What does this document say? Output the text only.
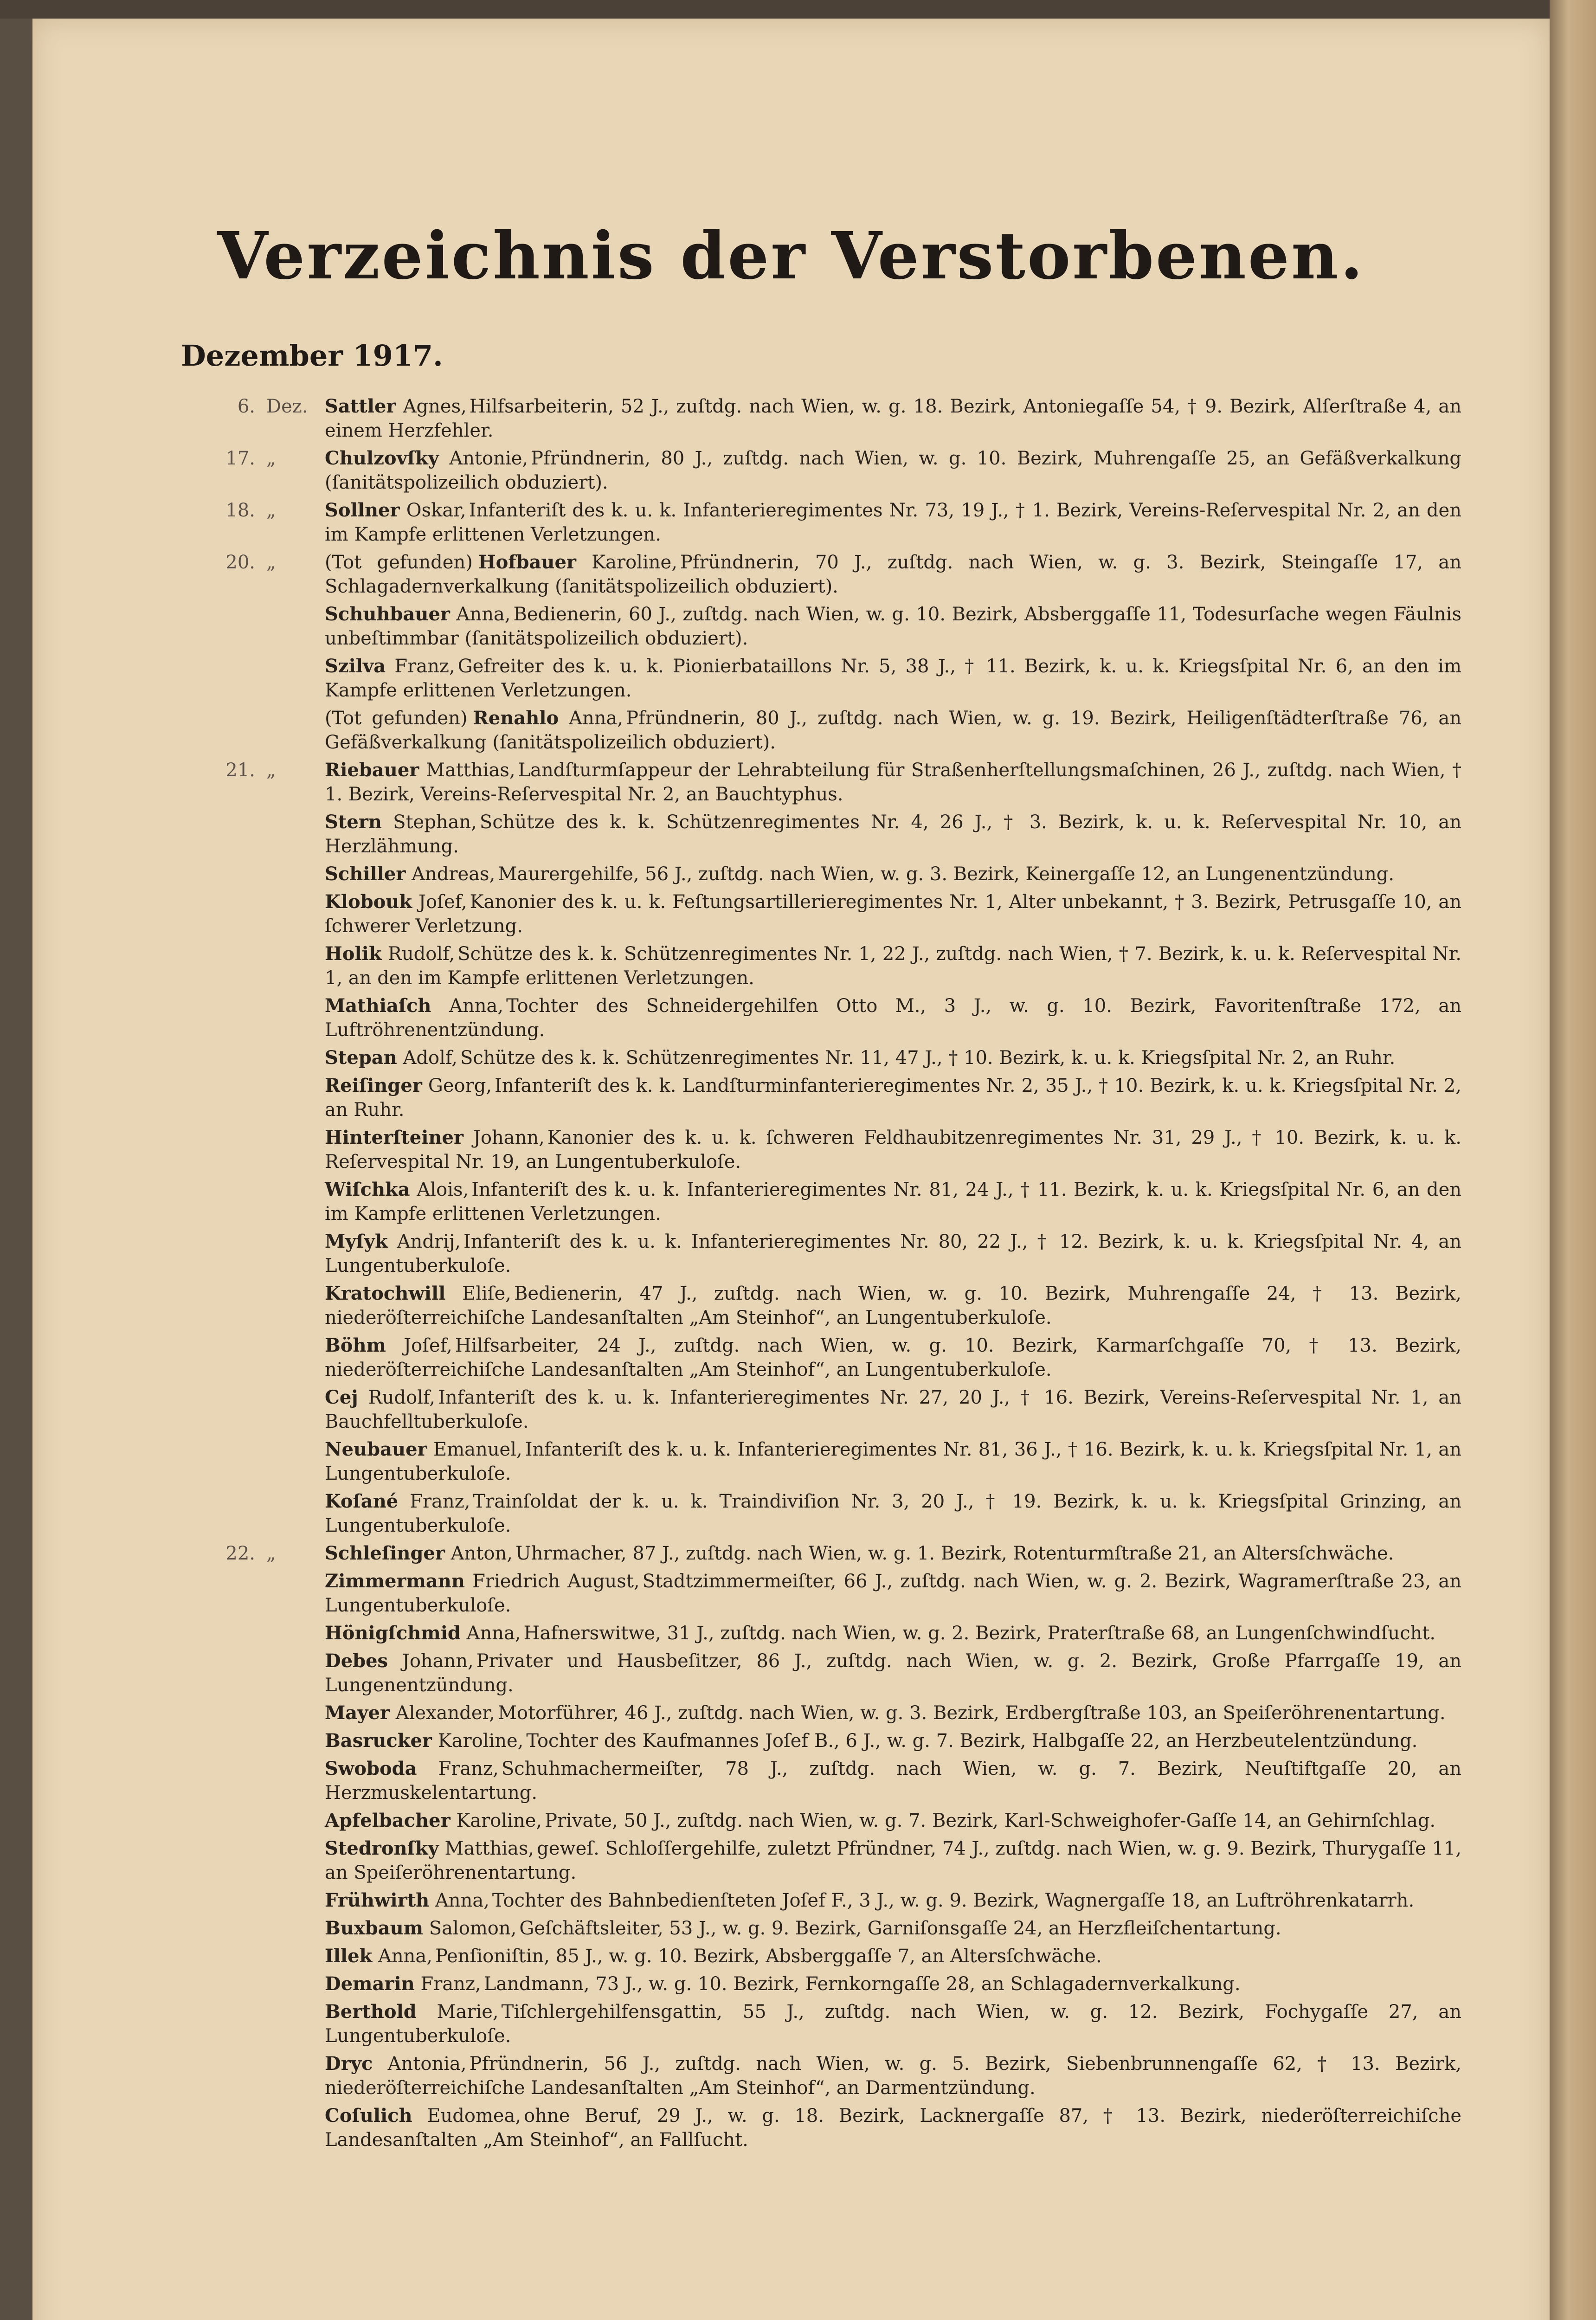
Verzeichnis der Verstorbenen.
Dezember 1917.
6. Dez. Sattler Agnes, Hilfsarbeiterin, 52 J., zuſtdg. nach Wien, w. g. 18. Bezirk, Antoniegaſſe 54, † 9. Bezirk, Alſerſtraße 4, an einem Herzfehler.
17. „	Chulzovſky Antonie, Pfründnerin, 80 J., zuſtdg. nach Wien, w. g. 10. Bezirk, Muhrengaſſe 25, an Gefäßverkalkung (ſanitätspolizeilich obduziert).
18. „	Sollner Oskar, Infanteriſt des k. u. k. Infanterieregimentes Nr. 73, 19 J., † 1. Bezirk, Vereins-Reſervespital Nr. 2, an den im Kampfe erlittenen Verletzungen.
20. „	(Tot gefunden) Hofbauer Karoline, Pfründnerin, 70 J., zuſtdg. nach Wien, w. g. 3. Bezirk, Steingaſſe 17, an Schlagadernverkalkung (ſanitätspolizeilich obduziert).
Schuhbauer Anna, Bedienerin, 60 J., zuſtdg. nach Wien, w. g. 10. Bezirk, Absberggaſſe 11, Todesurſache wegen Fäulnis unbeſtimmbar (ſanitätspolizeilich obduziert).
Szilva Franz, Gefreiter des k. u. k. Pionierbataillons Nr. 5, 38 J., † 11. Bezirk, k. u. k. Kriegsſpital Nr. 6, an den im Kampfe erlittenen Verletzungen.
(Tot gefunden) Renahlo Anna, Pfründnerin, 80 J., zuſtdg. nach Wien, w. g. 19. Bezirk, Heiligenſtädterſtraße 76, an Gefäßverkalkung (ſanitätspolizeilich obduziert).
21. „	Riebauer Matthias, Landſturmſappeur der Lehrabteilung für Straßenherſtellungsmaſchinen, 26 J., zuſtdg. nach Wien, † 1. Bezirk, Vereins-Reſervespital Nr. 2, an Bauchtyphus.
Stern Stephan, Schütze des k. k. Schützenregimentes Nr. 4, 26 J., † 3. Bezirk, k. u. k. Reſervespital Nr. 10, an Herzlähmung.
Schiller Andreas, Maurergehilfe, 56 J., zuſtdg. nach Wien, w. g. 3. Bezirk, Keinergaſſe 12, an Lungenentzündung.
Klobouk Joſef, Kanonier des k. u. k. Feſtungsartillerieregimentes Nr. 1, Alter unbekannt, † 3. Bezirk, Petrusgaſſe 10, an ſchwerer Verletzung.
Holik Rudolf, Schütze des k. k. Schützenregimentes Nr. 1, 22 J., zuſtdg. nach Wien, † 7. Bezirk, k. u. k. Reſervespital Nr. 1, an den im Kampfe erlittenen Verletzungen.
Mathiaſch Anna, Tochter des Schneidergehilfen Otto M., 3 J., w. g. 10. Bezirk, Favoritenſtraße 172, an Luftröhrenentzündung.
Stepan Adolf, Schütze des k. k. Schützenregimentes Nr. 11, 47 J., † 10. Bezirk, k. u. k. Kriegsſpital Nr. 2, an Ruhr.
Reiſinger Georg, Infanteriſt des k. k. Landſturminfanterieregimentes Nr. 2, 35 J., † 10. Bezirk, k. u. k. Kriegsſpital Nr. 2, an Ruhr.
Hinterſteiner Johann, Kanonier des k. u. k. ſchweren Feldhaubitzenregimentes Nr. 31, 29 J., † 10. Bezirk, k. u. k. Reſervespital Nr. 19, an Lungentuberkuloſe.
Wiſchka Alois, Infanteriſt des k. u. k. Infanterieregimentes Nr. 81, 24 J., † 11. Bezirk, k. u. k. Kriegsſpital Nr. 6, an den im Kampfe erlittenen Verletzungen.
Myſyk Andrij, Infanteriſt des k. u. k. Infanterieregimentes Nr. 80, 22 J., † 12. Bezirk, k. u. k. Kriegsſpital Nr. 4, an Lungentuberkuloſe.
Kratochwill Eliſe, Bedienerin, 47 J., zuſtdg. nach Wien, w. g. 10. Bezirk, Muhrengaſſe 24, † 13. Bezirk, niederöſterreichiſche Landesanſtalten „Am Steinhof“, an Lungentuberkuloſe.
Böhm Joſef, Hilfsarbeiter, 24 J., zuſtdg. nach Wien, w. g. 10. Bezirk, Karmarſchgaſſe 70, † 13. Bezirk, niederöſterreichiſche Landesanſtalten „Am Steinhof“, an Lungentuberkuloſe.
Cej Rudolf, Infanteriſt des k. u. k. Infanterieregimentes Nr. 27, 20 J., † 16. Bezirk, Vereins-Reſervespital Nr. 1, an Bauchfelltuberkuloſe.
Neubauer Emanuel, Infanteriſt des k. u. k. Infanterieregimentes Nr. 81, 36 J., † 16. Bezirk, k. u. k. Kriegsſpital Nr. 1, an Lungentuberkuloſe.
Koſané Franz, Trainſoldat der k. u. k. Traindiviſion Nr. 3, 20 J., † 19. Bezirk, k. u. k. Kriegsſpital Grinzing, an Lungentuberkuloſe.
22. „	Schleſinger Anton, Uhrmacher, 87 J., zuſtdg. nach Wien, w. g. 1. Bezirk, Rotenturmſtraße 21, an Altersſchwäche.
Zimmermann Friedrich August, Stadtzimmermeiſter, 66 J., zuſtdg. nach Wien, w. g. 2. Bezirk, Wagramerſtraße 23, an Lungentuberkuloſe.
Hönigſchmid Anna, Hafnerswitwe, 31 J., zuſtdg. nach Wien, w. g. 2. Bezirk, Praterſtraße 68, an Lungenſchwindſucht.
Debes Johann, Privater und Hausbeſitzer, 86 J., zuſtdg. nach Wien, w. g. 2. Bezirk, Große Pfarrgaſſe 19, an Lungenentzündung.
Mayer Alexander, Motorführer, 46 J., zuſtdg. nach Wien, w. g. 3. Bezirk, Erdbergſtraße 103, an Speiſeröhrenentartung.
Basrucker Karoline, Tochter des Kaufmannes Joſef B., 6 J., w. g. 7. Bezirk, Halbgaſſe 22, an Herzbeutelentzündung.
Swoboda Franz, Schuhmachermeiſter, 78 J., zuſtdg. nach Wien, w. g. 7. Bezirk, Neuſtiftgaſſe 20, an Herzmuskelentartung.
Apfelbacher Karoline, Private, 50 J., zuſtdg. nach Wien, w. g. 7. Bezirk, Karl-Schweighofer-Gaſſe 14, an Gehirnſchlag.
Stedronſky Matthias, geweſ. Schloſſergehilfe, zuletzt Pfründner, 74 J., zuſtdg. nach Wien, w. g. 9. Bezirk, Thurygaſſe 11, an Speiſeröhrenentartung.
Frühwirth Anna, Tochter des Bahnbedienſteten Joſef F., 3 J., w. g. 9. Bezirk, Wagnergaſſe 18, an Luftröhrenkatarrh.
Buxbaum Salomon, Geſchäftsleiter, 53 J., w. g. 9. Bezirk, Garniſonsgaſſe 24, an Herzfleiſchentartung.
Illek Anna, Penſioniſtin, 85 J., w. g. 10. Bezirk, Absberggaſſe 7, an Altersſchwäche.
Demarin Franz, Landmann, 73 J., w. g. 10. Bezirk, Fernkorngaſſe 28, an Schlagadernverkalkung.
Berthold Marie, Tiſchlergehilfensgattin, 55 J., zuſtdg. nach Wien, w. g. 12. Bezirk, Fochygaſſe 27, an Lungentuberkuloſe.
Dryc Antonia, Pfründnerin, 56 J., zuſtdg. nach Wien, w. g. 5. Bezirk, Siebenbrunnengaſſe 62, † 13. Bezirk, niederöſterreichiſche Landesanſtalten „Am Steinhof“, an Darmentzündung.
Coſulich Eudomea, ohne Beruf, 29 J., w. g. 18. Bezirk, Lacknergaſſe 87, † 13. Bezirk, niederöſterreichiſche Landesanſtalten „Am Steinhof“, an Fallſucht.
